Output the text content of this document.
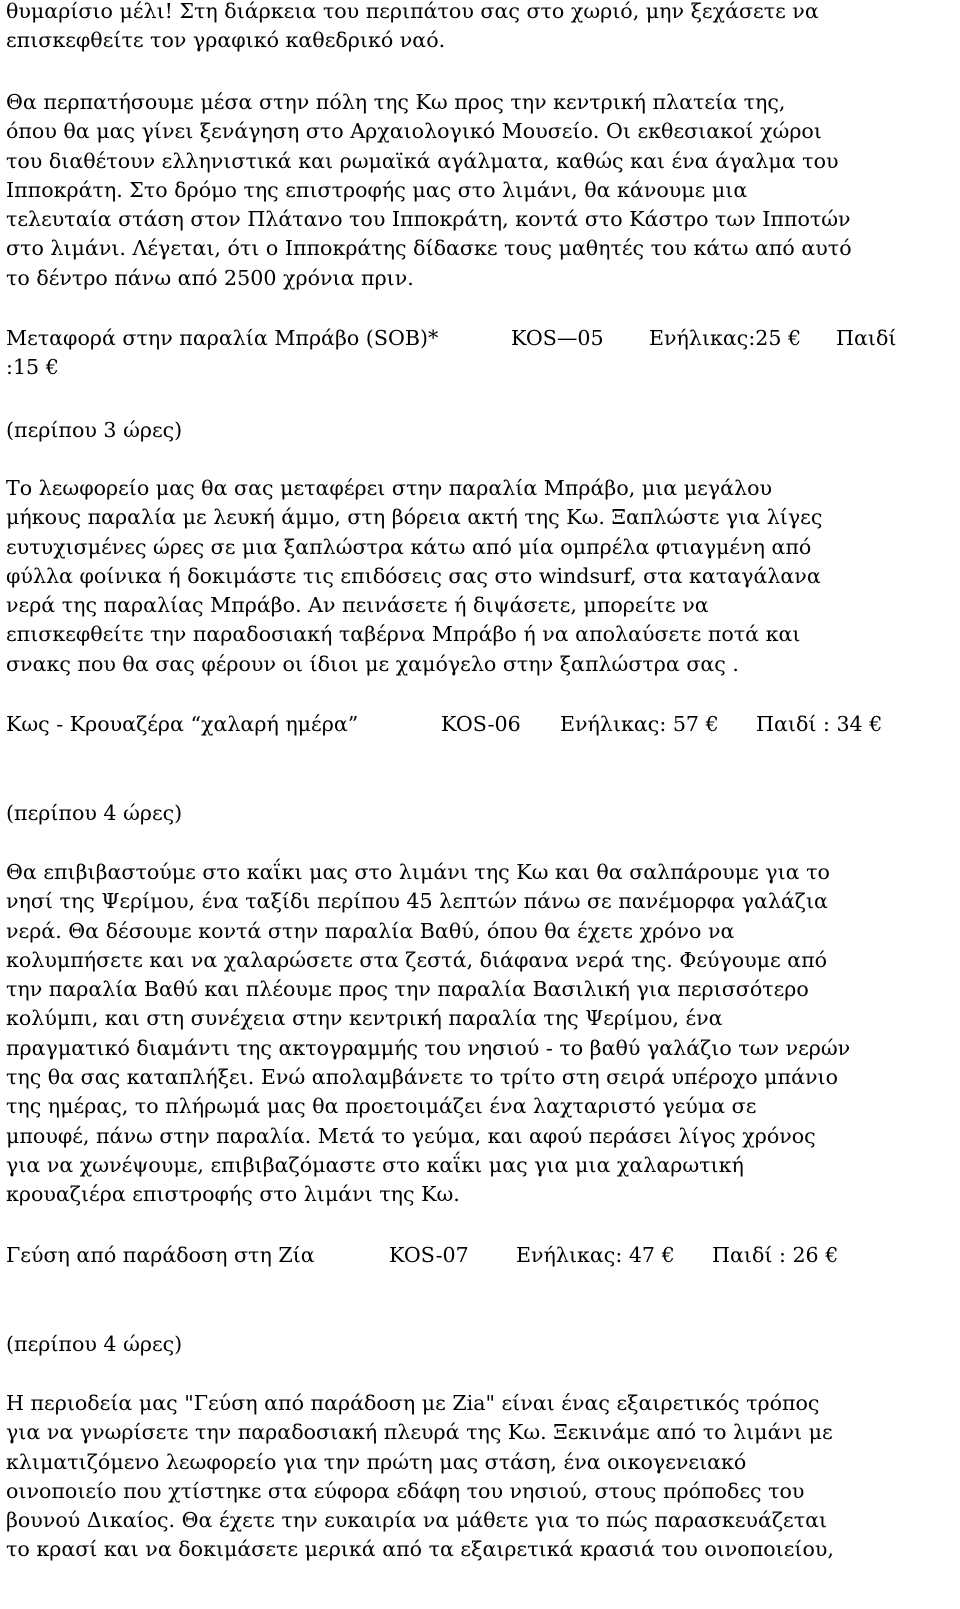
θυμαρίσιο μέλι! Στη διάρκεια του περιπάτου σας στο χωριό, μην ξεχάσετε να
επισκεφθείτε τον γραφικό καθεδρικό ναό.
Θα περπατήσουμε μέσα στην πόλη της Κω προς την κεντρική πλατεία της,
όπου θα μας γίνει ξενάγηση στο Αρχαιολογικό Μουσείο. Οι εκθεσιακοί χώροι
του διαθέτουν ελληνιστικά και ρωμαϊκά αγάλματα, καθώς και ένα άγαλμα του
Ιπποκράτη. Στο δρόμο της επιστροφής μας στο λιμάνι, θα κάνουμε μια
τελευταία στάση στον Πλάτανο του Ιπποκράτη, κοντά στο Κάστρο των Ιπποτών
στο λιμάνι. Λέγεται, ότι ο Ιπποκράτης δίδασκε τους μαθητές του κάτω από αυτό
το δέντρο πάνω από 2500 χρόνια πριν.
Μεταφορά στην παραλία Μπράβο (SOB)*	KOS—05 Ενήλικας:25 € Παιδί
:15 €
(περίπου 3 ώρες)
Το λεωφορείο μας θα σας μεταφέρει στην παραλία Μπράβο, μια μεγάλου
μήκους παραλία με λευκή άμμο, στη βόρεια ακτή της Κω. Ξαπλώστε για λίγες
ευτυχισμένες ώρες σε μια ξαπλώστρα κάτω από μία ομπρέλα φτιαγμένη από
φύλλα φοίνικα ή δοκιμάστε τις επιδόσεις σας στο windsurf, στα καταγάλανα
νερά της παραλίας Μπράβο. Αν πεινάσετε ή διψάσετε, μπορείτε να
επισκεφθείτε την παραδοσιακή ταβέρνα Μπράβο ή να απολαύσετε ποτά και
σνακς που θα σας φέρουν οι ίδιοι με χαμόγελο στην ξαπλώστρα σας .
Κως - Κρουαζέρα “χαλαρή ημέρα”	KOS-06 Ενήλικας: 57 € Παιδί : 34 €
(περίπου 4 ώρες)
Θα επιβιβαστούμε στο καΐκι μας στο λιμάνι της Κω και θα σαλπάρουμε για το
νησί της Ψερίμου, ένα ταξίδι περίπου 45 λεπτών πάνω σε πανέμορφα γαλάζια
νερά. Θα δέσουμε κοντά στην παραλία Βαθύ, όπου θα έχετε χρόνο να
κολυμπήσετε και να χαλαρώσετε στα ζεστά, διάφανα νερά της. Φεύγουμε από
την παραλία Βαθύ και πλέουμε προς την παραλία Βασιλική για περισσότερο
κολύμπι, και στη συνέχεια στην κεντρική παραλία της Ψερίμου, ένα
πραγματικό διαμάντι της ακτογραμμής του νησιού - το βαθύ γαλάζιο των νερών
της θα σας καταπλήξει. Ενώ απολαμβάνετε το τρίτο στη σειρά υπέροχο μπάνιο
της ημέρας, το πλήρωμά μας θα προετοιμάζει ένα λαχταριστό γεύμα σε
μπουφέ, πάνω στην παραλία. Μετά το γεύμα, και αφού περάσει λίγος χρόνος
για να χωνέψουμε, επιβιβαζόμαστε στο καΐκι μας για μια χαλαρωτική
κρουαζιέρα επιστροφής στο λιμάνι της Κω.
Γεύση από παράδοση στη Ζία	KOS-07 Ενήλικας: 47 € Παιδί : 26 €
(περίπου 4 ώρες)
Η περιοδεία μας "Γεύση από παράδοση με Ζia" είναι ένας εξαιρετικός τρόπος
για να γνωρίσετε την παραδοσιακή πλευρά της Κω. Ξεκινάμε από το λιμάνι με
κλιματιζόμενο λεωφορείο για την πρώτη μας στάση, ένα οικογενειακό
οινοποιείο που χτίστηκε στα εύφορα εδάφη του νησιού, στους πρόποδες του
βουνού Δικαίος. Θα έχετε την ευκαιρία να μάθετε για το πώς παρασκευάζεται
το κρασί και να δοκιμάσετε μερικά από τα εξαιρετικά κρασιά του οινοποιείου,
